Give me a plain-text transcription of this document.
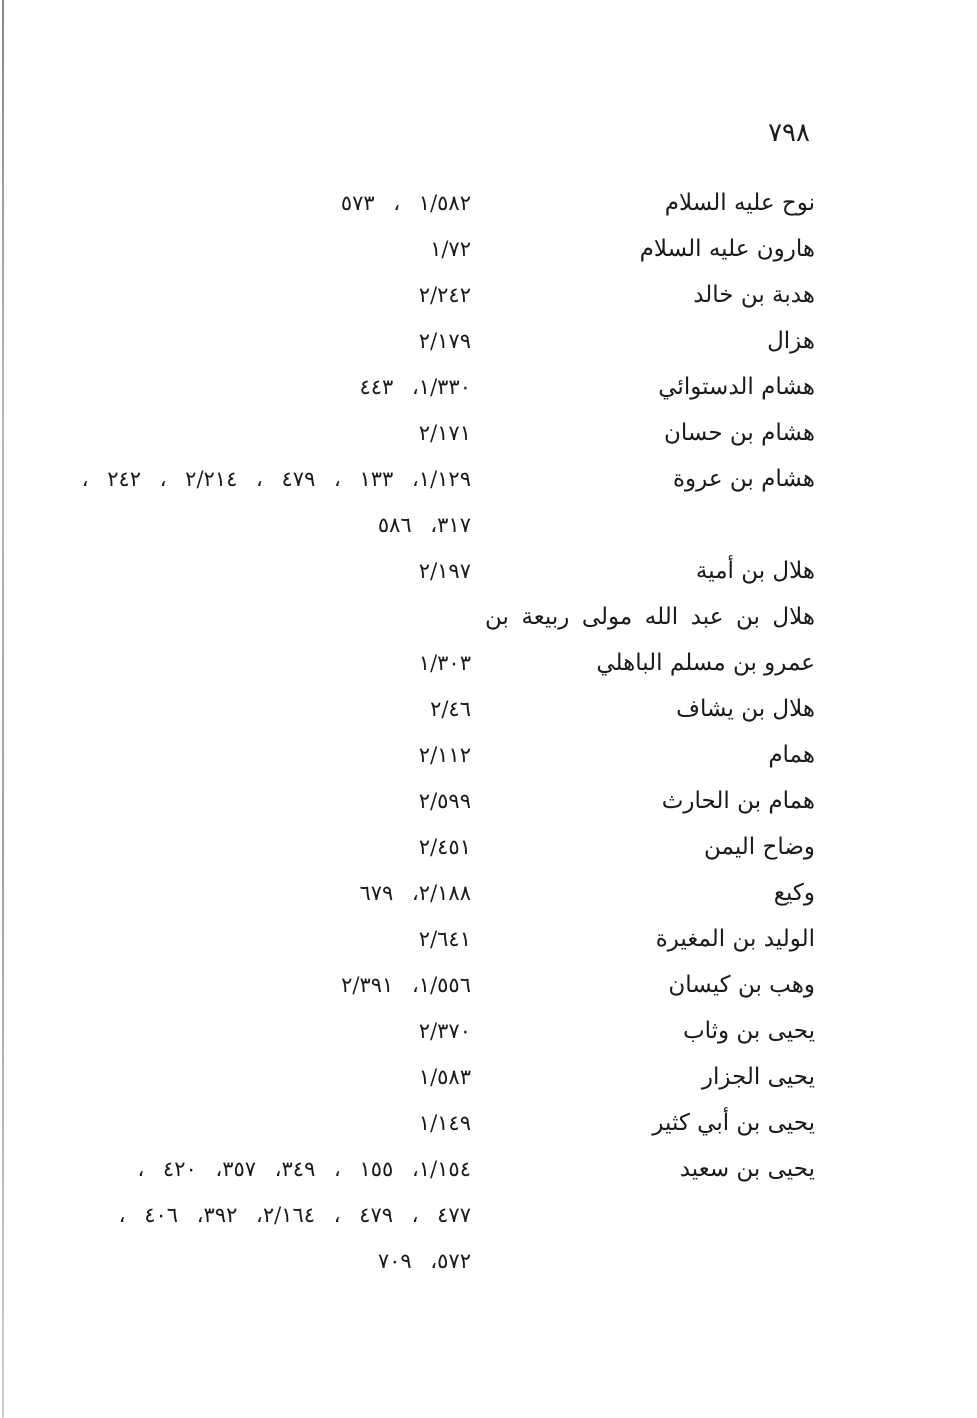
٧٩٨
نوح عليه السلام
١/٥٨٢ ، ٥٧٣
هارون عليه السلام
١/٧٢
هدبة بن خالد
٢/٢٤٢
هزال
٢/١٧٩
هشام الدستوائي
١/٣٣٠، ٤٤٣
هشام بن حسان
٢/١٧١
هشام بن عروة
١/١٢٩، ١٣٣ ، ٤٧٩ ، ٢/٢١٤ ، ٢٤٢ ،
٣١٧، ٥٨٦
هلال بن أمية
٢/١٩٧
هلال بن عبد الله مولى ربيعة بن
عمرو بن مسلم الباهلي
١/٣٠٣
هلال بن يشاف
٢/٤٦
همام
٢/١١٢
همام بن الحارث
٢/٥٩٩
وضاح اليمن
٢/٤٥١
وكيع
٢/١٨٨، ٦٧٩
الوليد بن المغيرة
٢/٦٤١
وهب بن كيسان
١/٥٥٦، ٢/٣٩١
يحيى بن وثاب
٢/٣٧٠
يحيى الجزار
١/٥٨٣
يحيى بن أبي كثير
١/١٤٩
يحيى بن سعيد
١/١٥٤، ١٥٥ ، ٣٤٩، ٣٥٧، ٤٢٠ ،
٤٧٧ ، ٤٧٩ ، ٢/١٦٤، ٣٩٢، ٤٠٦ ،
٥٧٢، ٧٠٩
